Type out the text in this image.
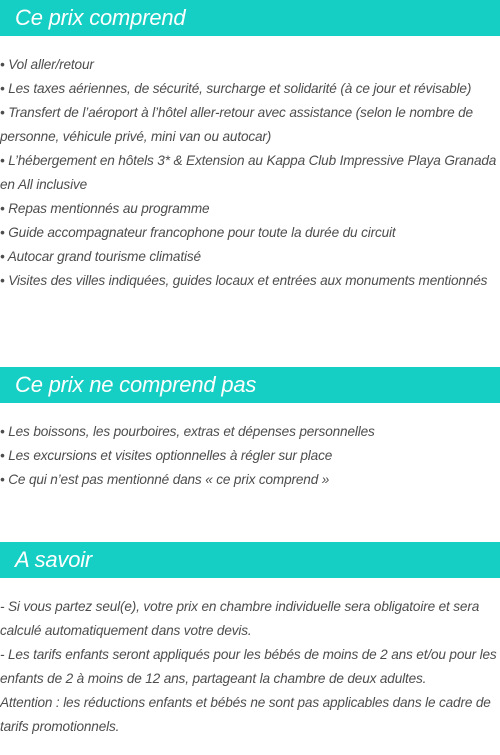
Ce prix comprend
• Vol aller/retour
• Les taxes aériennes, de sécurité, surcharge et solidarité (à ce jour et révisable)
• Transfert de l’aéroport à l’hôtel aller-retour avec assistance (selon le nombre de personne, véhicule privé, mini van ou autocar)
• L’hébergement en hôtels 3* & Extension au Kappa Club Impressive Playa Granada en All inclusive
• Repas mentionnés au programme
• Guide accompagnateur francophone pour toute la durée du circuit
• Autocar grand tourisme climatisé
• Visites des villes indiquées, guides locaux et entrées aux monuments mentionnés
Ce prix ne comprend pas
• Les boissons, les pourboires, extras et dépenses personnelles
• Les excursions et visites optionnelles à régler sur place
• Ce qui n’est pas mentionné dans « ce prix comprend »
A savoir
- Si vous partez seul(e), votre prix en chambre individuelle sera obligatoire et sera calculé automatiquement dans votre devis.
- Les tarifs enfants seront appliqués pour les bébés de moins de 2 ans et/ou pour les enfants de 2 à moins de 12 ans, partageant la chambre de deux adultes.
Attention : les réductions enfants et bébés ne sont pas applicables dans le cadre de tarifs promotionnels.
